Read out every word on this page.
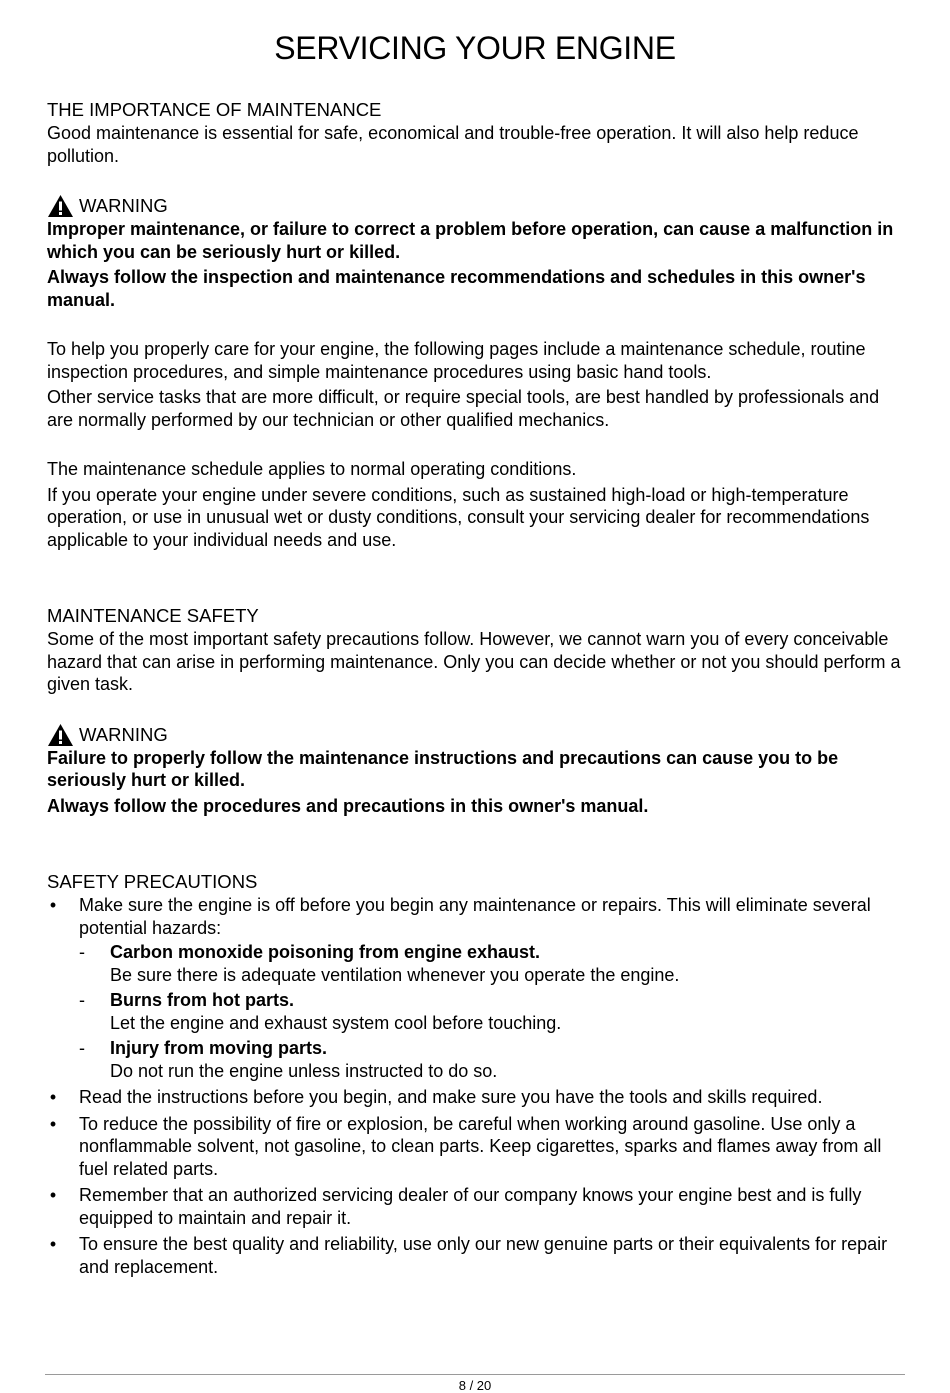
SERVICING YOUR ENGINE
THE IMPORTANCE OF MAINTENANCE

Good maintenance is essential for safe, economical and trouble-free operation. It will also help reduce pollution.

WARNING

Improper maintenance, or failure to correct a problem before operation, can cause a malfunction in which you can be seriously hurt or killed.

Always follow the inspection and maintenance recommendations and schedules in this owner's manual.

To help you properly care for your engine, the following pages include a maintenance schedule, routine inspection procedures, and simple maintenance procedures using basic hand tools.

Other service tasks that are more difficult, or require special tools, are best handled by professionals and are normally performed by our technician or other qualified mechanics.

The maintenance schedule applies to normal operating conditions.

If you operate your engine under severe conditions, such as sustained high-load or high-temperature operation, or use in unusual wet or dusty conditions, consult your servicing dealer for recommendations applicable to your individual needs and use.

MAINTENANCE SAFETY

Some of the most important safety precautions follow. However, we cannot warn you of every conceivable hazard that can arise in performing maintenance. Only you can decide whether or not you should perform a given task.

WARNING

Failure to properly follow the maintenance instructions and precautions can cause you to be seriously hurt or killed.

Always follow the procedures and precautions in this owner's manual.

SAFETY PRECAUTIONS
• Make sure the engine is off before you begin any maintenance or repairs. This will eliminate several potential hazards:
- Carbon monoxide poisoning from engine exhaust.
Be sure there is adequate ventilation whenever you operate the engine.
- Burns from hot parts.
Let the engine and exhaust system cool before touching.
- Injury from moving parts.
Do not run the engine unless instructed to do so.
• Read the instructions before you begin, and make sure you have the tools and skills required.
• To reduce the possibility of fire or explosion, be careful when working around gasoline. Use only a nonflammable solvent, not gasoline, to clean parts. Keep cigarettes, sparks and flames away from all fuel related parts.
• Remember that an authorized servicing dealer of our company knows your engine best and is fully equipped to maintain and repair it.
• To ensure the best quality and reliability, use only our new genuine parts or their equivalents for repair and replacement.
8 / 20
